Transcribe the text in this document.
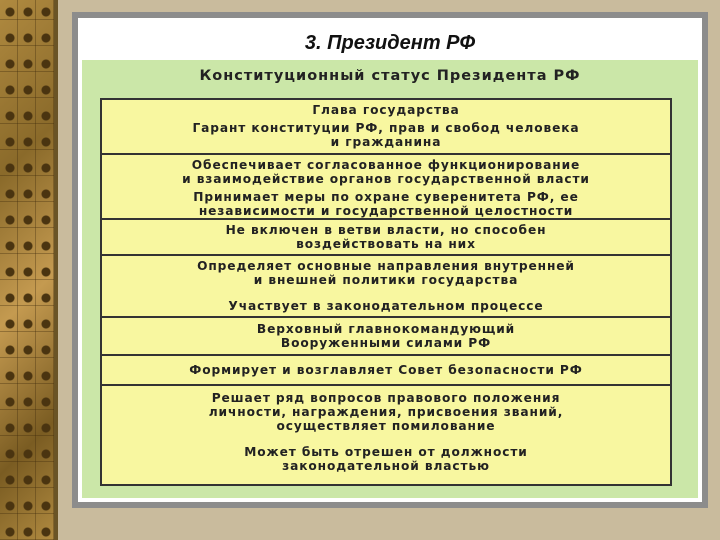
3. Президент РФ
Конституционный статус Президента РФ
Глава государства
Гарант конституции РФ, прав и свобод человека
и гражданина
Обеспечивает согласованное функционирование
и взаимодействие органов государственной власти
Принимает меры по охране суверенитета РФ, ее
независимости и государственной целостности
Не включен в ветви власти, но способен
воздействовать на них
Определяет основные направления внутренней
и внешней политики государства
Участвует в законодательном процессе
Верховный главнокомандующий
Вооруженными силами РФ
Формирует и возглавляет Совет безопасности РФ
Решает ряд вопросов правового положения
личности, награждения, присвоения званий,
осуществляет помилование
Может быть отрешен от должности
законодательной властью
